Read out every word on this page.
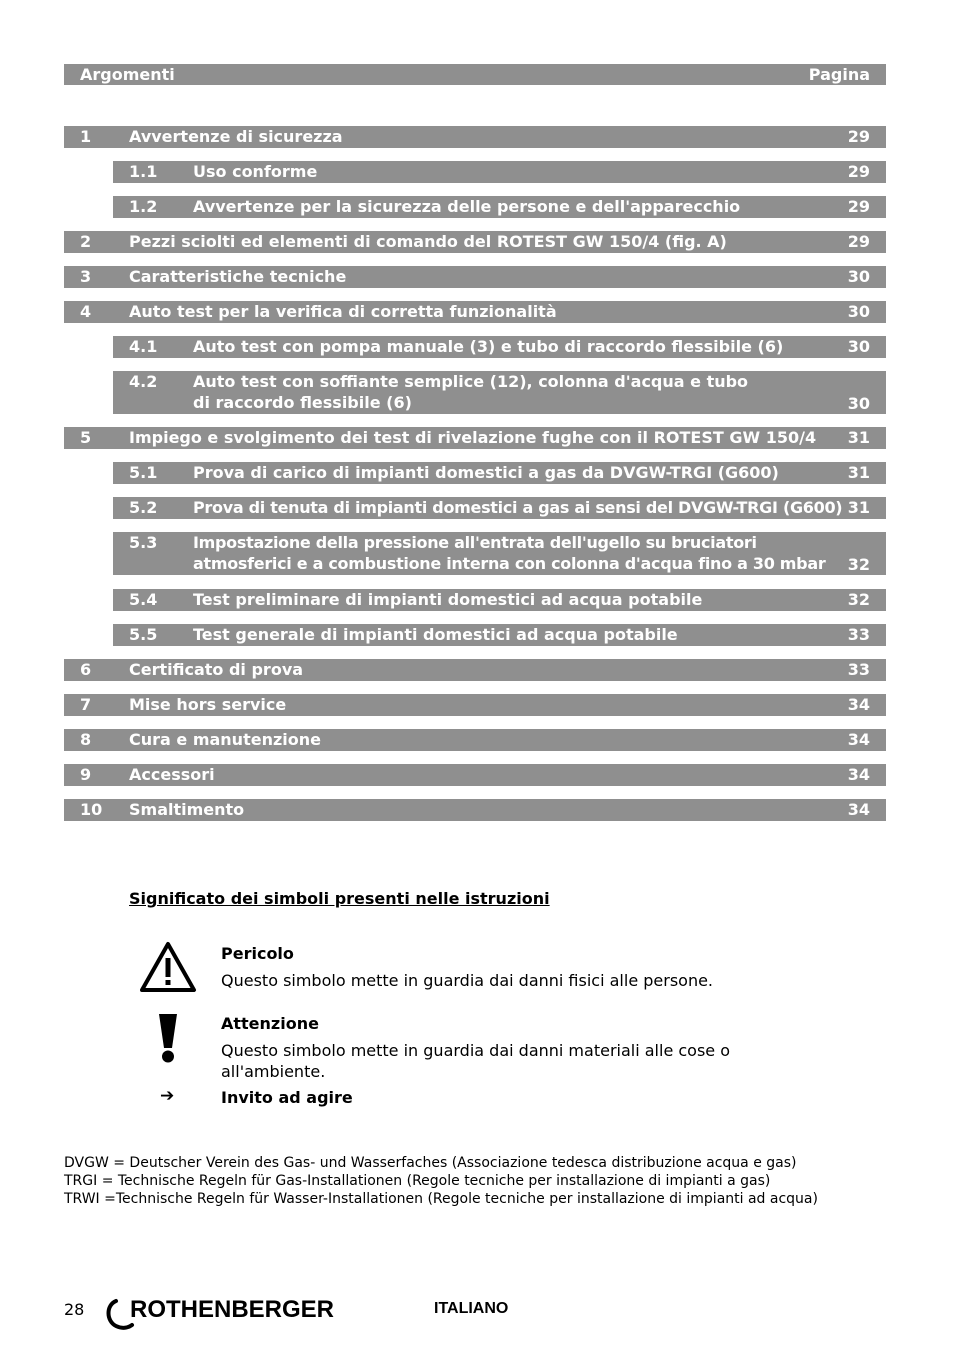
Argomenti	Pagina
1 Avvertenze di sicurezza	29
1.1 Uso conforme	29
1.2 Avvertenze per la sicurezza delle persone e dell'apparecchio	29
2 Pezzi sciolti ed elementi di comando del ROTEST GW 150/4 (fig. A)	29
3 Caratteristiche tecniche	30
4 Auto test per la verifica di corretta funzionalità	30
4.1 Auto test con pompa manuale (3) e tubo di raccordo flessibile (6)	30
4.2 Auto test con soffiante semplice (12), colonna d'acqua e tubo di raccordo flessibile (6)	30
5 Impiego e svolgimento dei test di rivelazione fughe con il ROTEST GW 150/4 31
5.1 Prova di carico di impianti domestici a gas da DVGW-TRGI (G600)	31
5.2 Prova di tenuta di impianti domestici a gas ai sensi del DVGW-TRGI (G600) 31
5.3 Impostazione della pressione all'entrata dell'ugello su bruciatori atmosferici e a combustione interna con colonna d'acqua fino a 30 mbar	32
5.4 Test preliminare di impianti domestici ad acqua potabile	32
5.5 Test generale di impianti domestici ad acqua potabile	33
6 Certificato di prova	33
7 Mise hors service	34
8 Cura e manutenzione	34
9 Accessori	34
10 Smaltimento	34
Significato dei simboli presenti nelle istruzioni
Pericolo
Questo simbolo mette in guardia dai danni fisici alle persone.
Attenzione
Questo simbolo mette in guardia dai danni materiali alle cose o all'ambiente.
➔	Invito ad agire
DVGW = Deutscher Verein des Gas- und Wasserfaches (Associazione tedesca distribuzione acqua e gas)
TRGI = Technische Regeln für Gas-Installationen (Regole tecniche per installazione di impianti a gas)
TRWI =Technische Regeln für Wasser-Installationen (Regole tecniche per installazione di impianti ad acqua)
28 ROTHENBERGER	ITALIANO
